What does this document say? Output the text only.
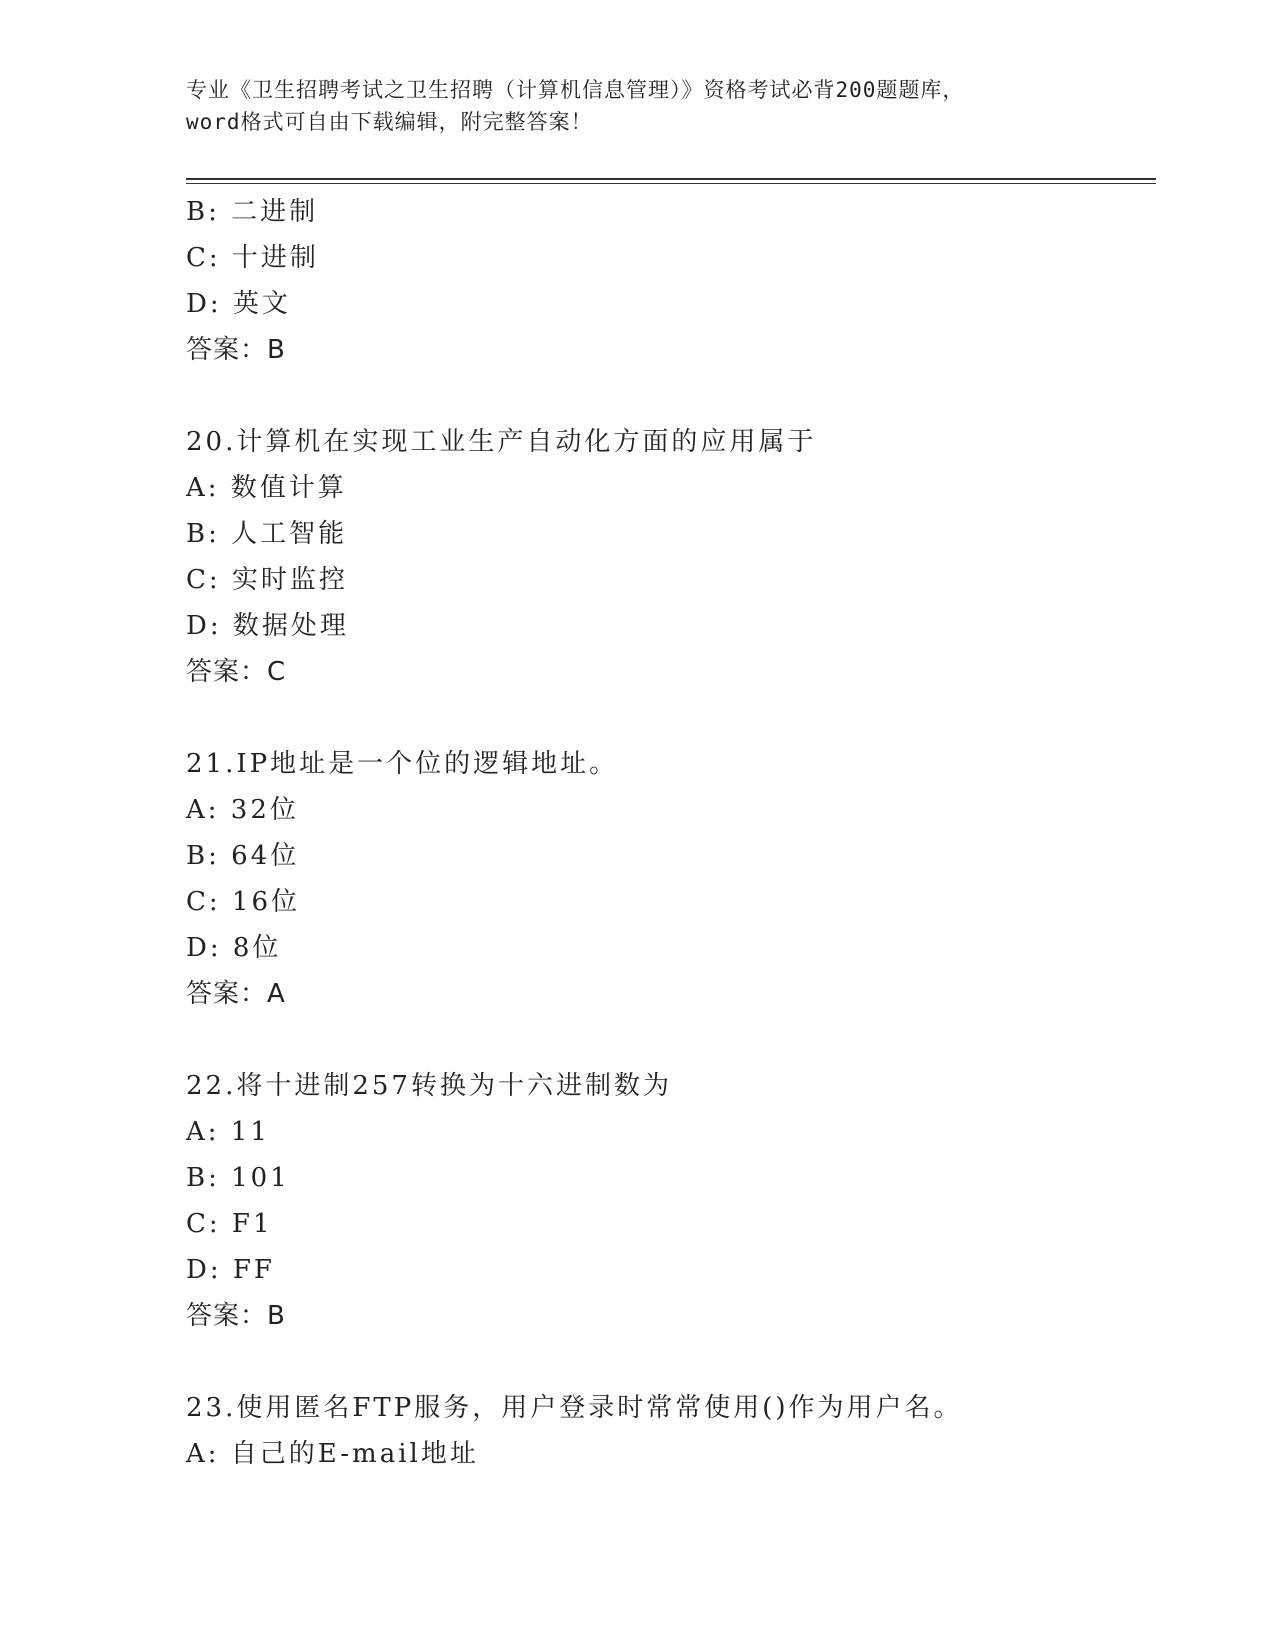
专业《卫生招聘考试之卫生招聘（计算机信息管理）》资格考试必背200题题库，
word格式可自由下载编辑，附完整答案！
B: 二进制
C: 十进制
D: 英文
答案：B
20.计算机在实现工业生产自动化方面的应用属于
A: 数值计算
B: 人工智能
C: 实时监控
D: 数据处理
答案：C
21.IP地址是一个位的逻辑地址。
A: 32位
B: 64位
C: 16位
D: 8位
答案：A
22.将十进制257转换为十六进制数为
A: 11
B: 101
C: F1
D: FF
答案：B
23.使用匿名FTP服务，用户登录时常常使用()作为用户名。
A: 自己的E-mail地址
